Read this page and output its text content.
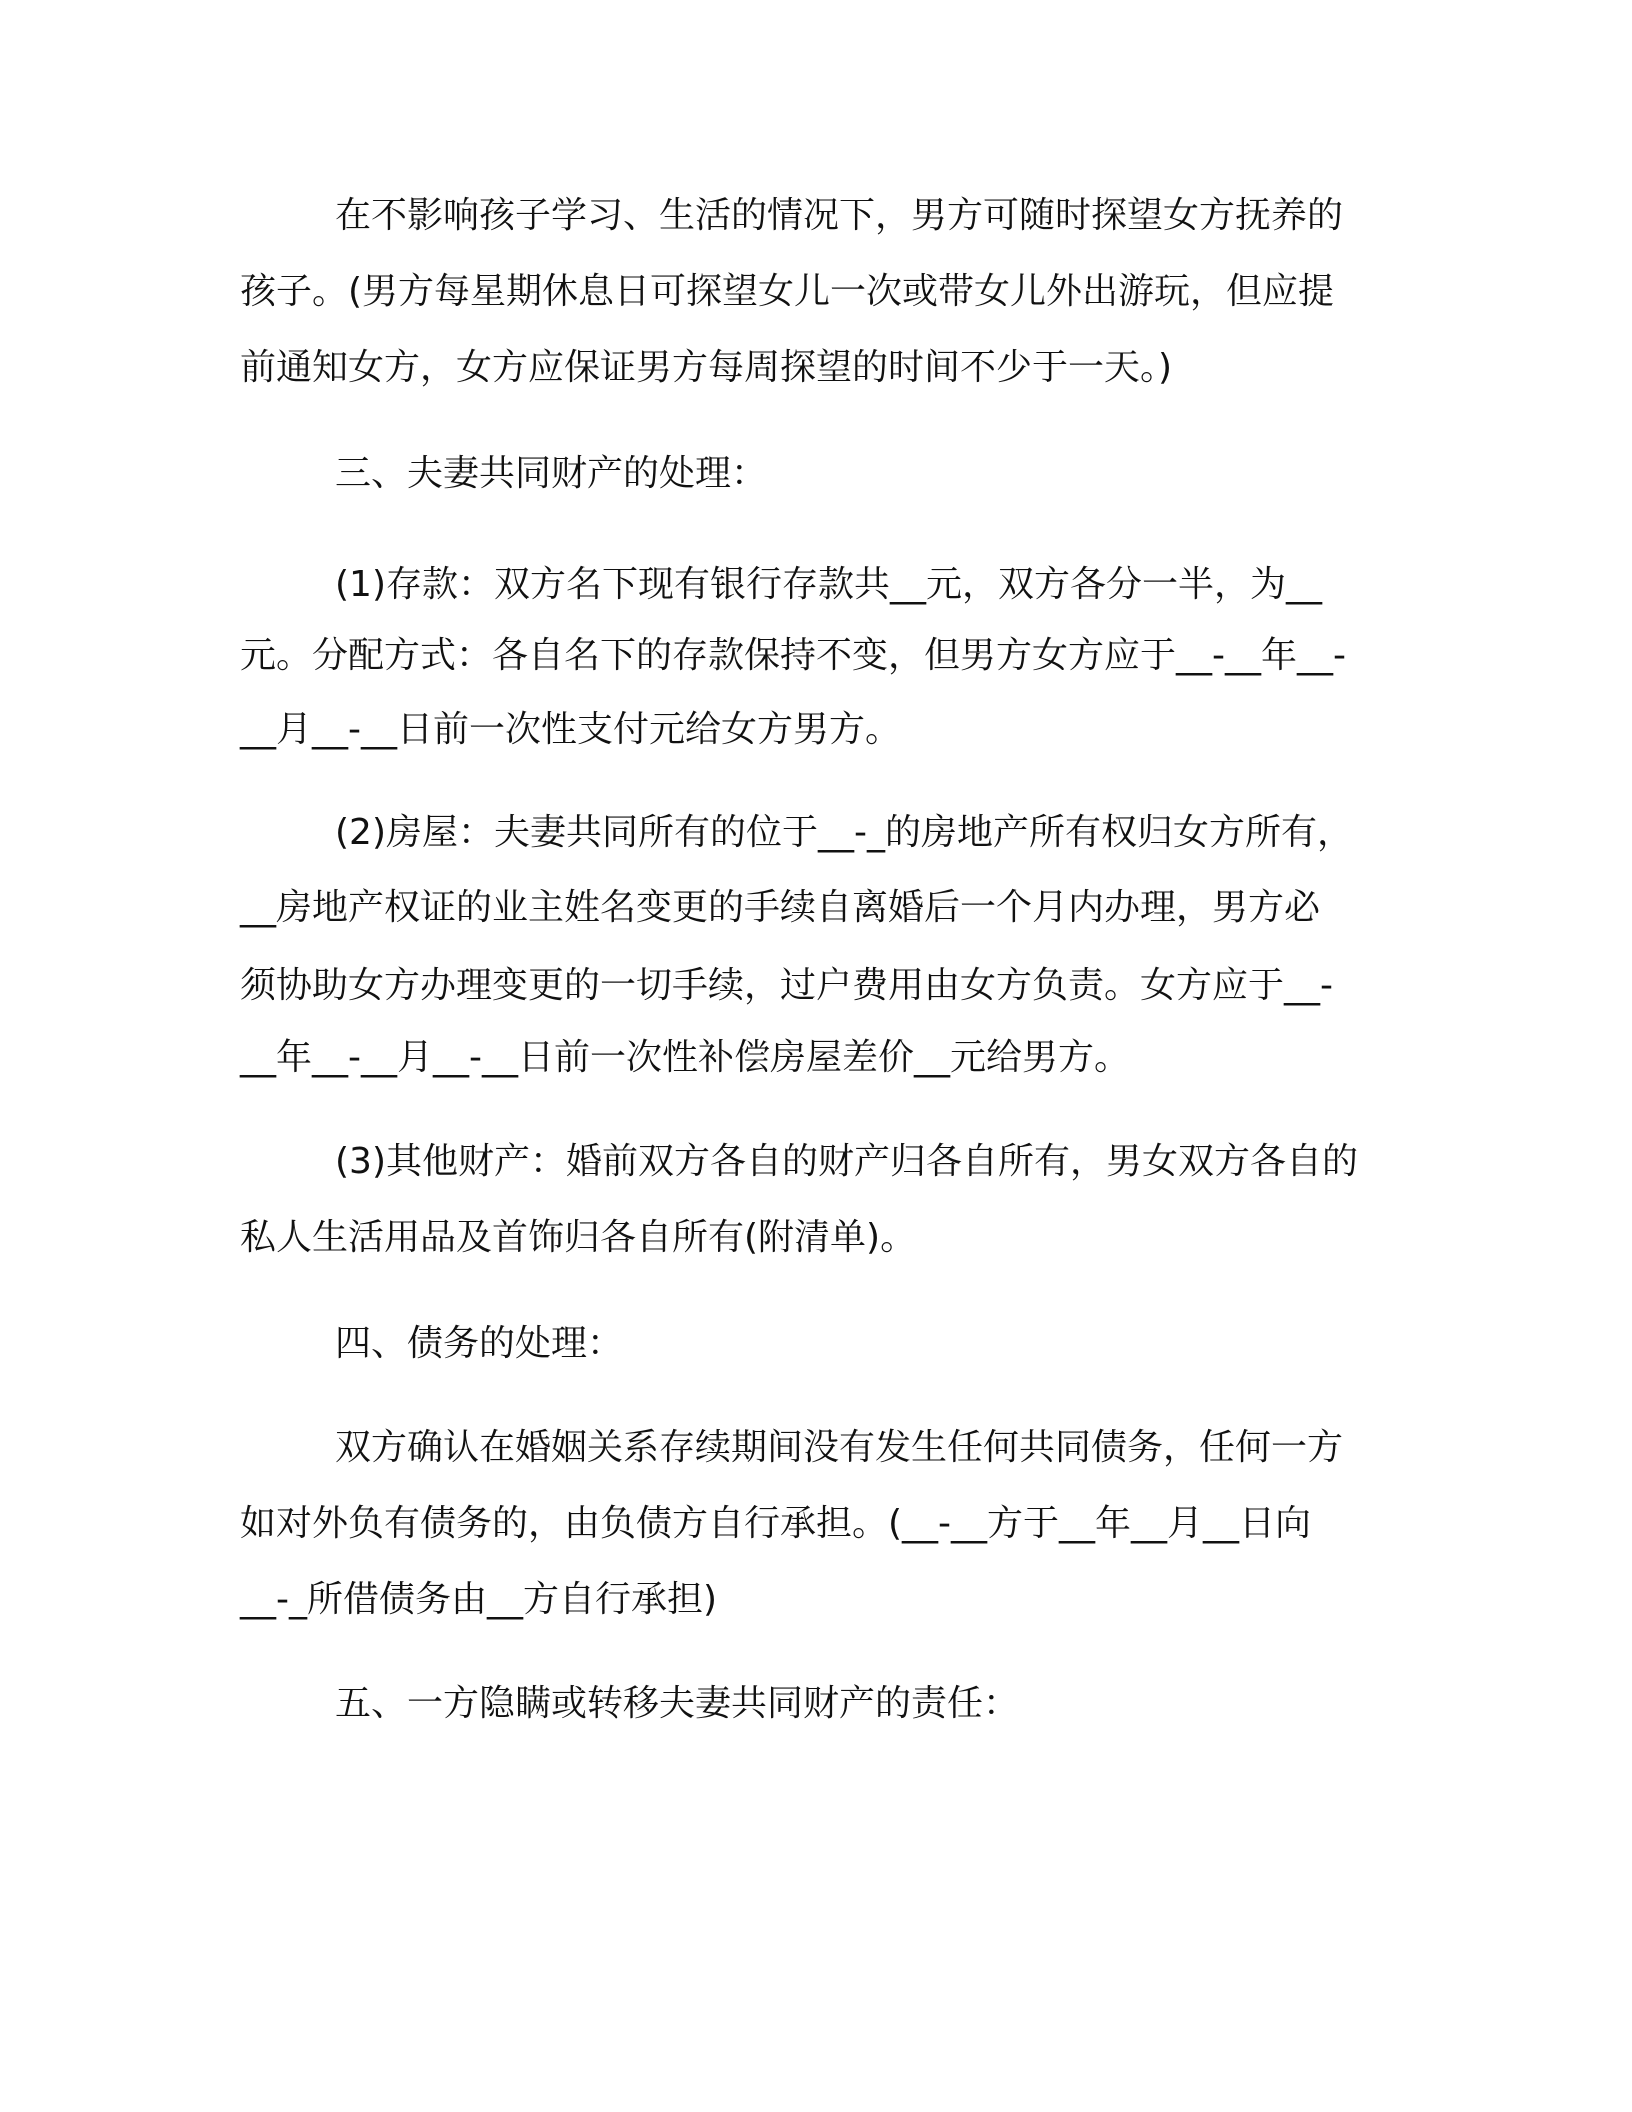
在不影响孩子学习、生活的情况下，男方可随时探望女方抚养的

孩子。(男方每星期休息日可探望女儿一次或带女儿外出游玩，但应提

前通知女方，女方应保证男方每周探望的时间不少于一天。)

三、夫妻共同财产的处理：

(1)存款：双方名下现有银行存款共__元，双方各分一半，为__

元。分配方式：各自名下的存款保持不变，但男方女方应于__-__年__-

__月__-__日前一次性支付元给女方男方。

(2)房屋：夫妻共同所有的位于__-_的房地产所有权归女方所有，

__房地产权证的业主姓名变更的手续自离婚后一个月内办理，男方必

须协助女方办理变更的一切手续，过户费用由女方负责。女方应于__-

__年__-__月__-__日前一次性补偿房屋差价__元给男方。

(3)其他财产：婚前双方各自的财产归各自所有，男女双方各自的

私人生活用品及首饰归各自所有(附清单)。

四、债务的处理：

双方确认在婚姻关系存续期间没有发生任何共同债务，任何一方

如对外负有债务的，由负债方自行承担。(__-__方于__年__月__日向

__-_所借债务由__方自行承担)

五、一方隐瞒或转移夫妻共同财产的责任：
